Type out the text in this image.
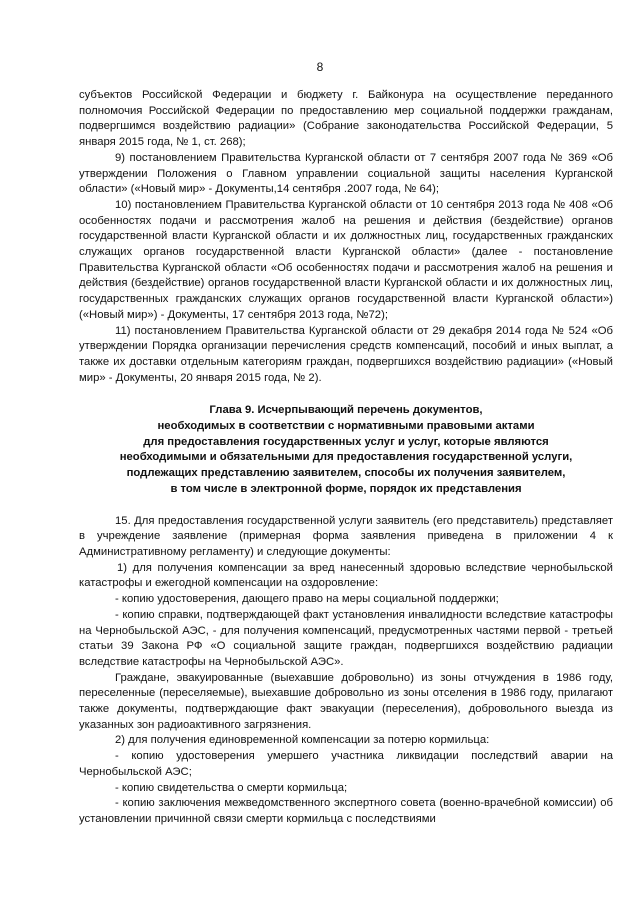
8

субъектов Российской Федерации и бюджету г. Байконура на осуществление переданного полномочия Российской Федерации по предоставлению мер социальной поддержки гражданам, подвергшимся воздействию радиации» (Собрание законодательства Российской Федерации, 5 января 2015 года, № 1, ст. 268);

9) постановлением Правительства Курганской области от 7 сентября 2007 года № 369 «Об утверждении Положения о Главном управлении социальной защиты населения Курганской области» («Новый мир» - Документы,14 сентября .2007 года, № 64);

10) постановлением Правительства Курганской области от 10 сентября 2013 года № 408 «Об особенностях подачи и рассмотрения жалоб на решения и действия (бездействие) органов государственной власти Курганской области и их должностных лиц, государственных гражданских служащих органов государственной власти Курганской области» (далее - постановление Правительства Курганской области «Об особенностях подачи и рассмотрения жалоб на решения и действия (бездействие) органов государственной власти Курганской области и их должностных лиц, государственных гражданских служащих органов государственной власти Курганской области») («Новый мир») - Документы, 17 сентября 2013 года, №72);

11) постановлением Правительства Курганской области от 29 декабря 2014 года № 524 «Об утверждении Порядка организации перечисления средств компенсаций, пособий и иных выплат, а также их доставки отдельным категориям граждан, подвергшихся воздействию радиации» («Новый мир» - Документы, 20 января 2015 года, № 2).

Глава 9. Исчерпывающий перечень документов,
необходимых в соответствии с нормативными правовыми актами
для предоставления государственных услуг и услуг, которые являются
необходимыми и обязательными для предоставления государственной услуги,
подлежащих представлению заявителем, способы их получения заявителем,
в том числе в электронной форме, порядок их представления

15. Для предоставления государственной услуги заявитель (его представитель) представляет в учреждение заявление (примерная форма заявления приведена в приложении 4 к Административному регламенту) и следующие документы:

1) для получения компенсации за вред нанесенный здоровью вследствие чернобыльской катастрофы и ежегодной компенсации на оздоровление:

- копию удостоверения, дающего право на меры социальной поддержки;

- копию справки, подтверждающей факт установления инвалидности вследствие катастрофы на Чернобыльской АЭС, - для получения компенсаций, предусмотренных частями первой - третьей статьи 39 Закона РФ «О социальной защите граждан, подвергшихся воздействию радиации вследствие катастрофы на Чернобыльской АЭС».

Граждане, эвакуированные (выехавшие добровольно) из зоны отчуждения в 1986 году, переселенные (переселяемые), выехавшие добровольно из зоны отселения в 1986 году, прилагают также документы, подтверждающие факт эвакуации (переселения), добровольного выезда из указанных зон радиоактивного загрязнения.

2) для получения единовременной компенсации за потерю кормильца:

- копию удостоверения умершего участника ликвидации последствий аварии на Чернобыльской АЭС;

- копию свидетельства о смерти кормильца;

- копию заключения межведомственного экспертного совета (военно-врачебной комиссии) об установлении причинной связи смерти кормильца с последствиями
